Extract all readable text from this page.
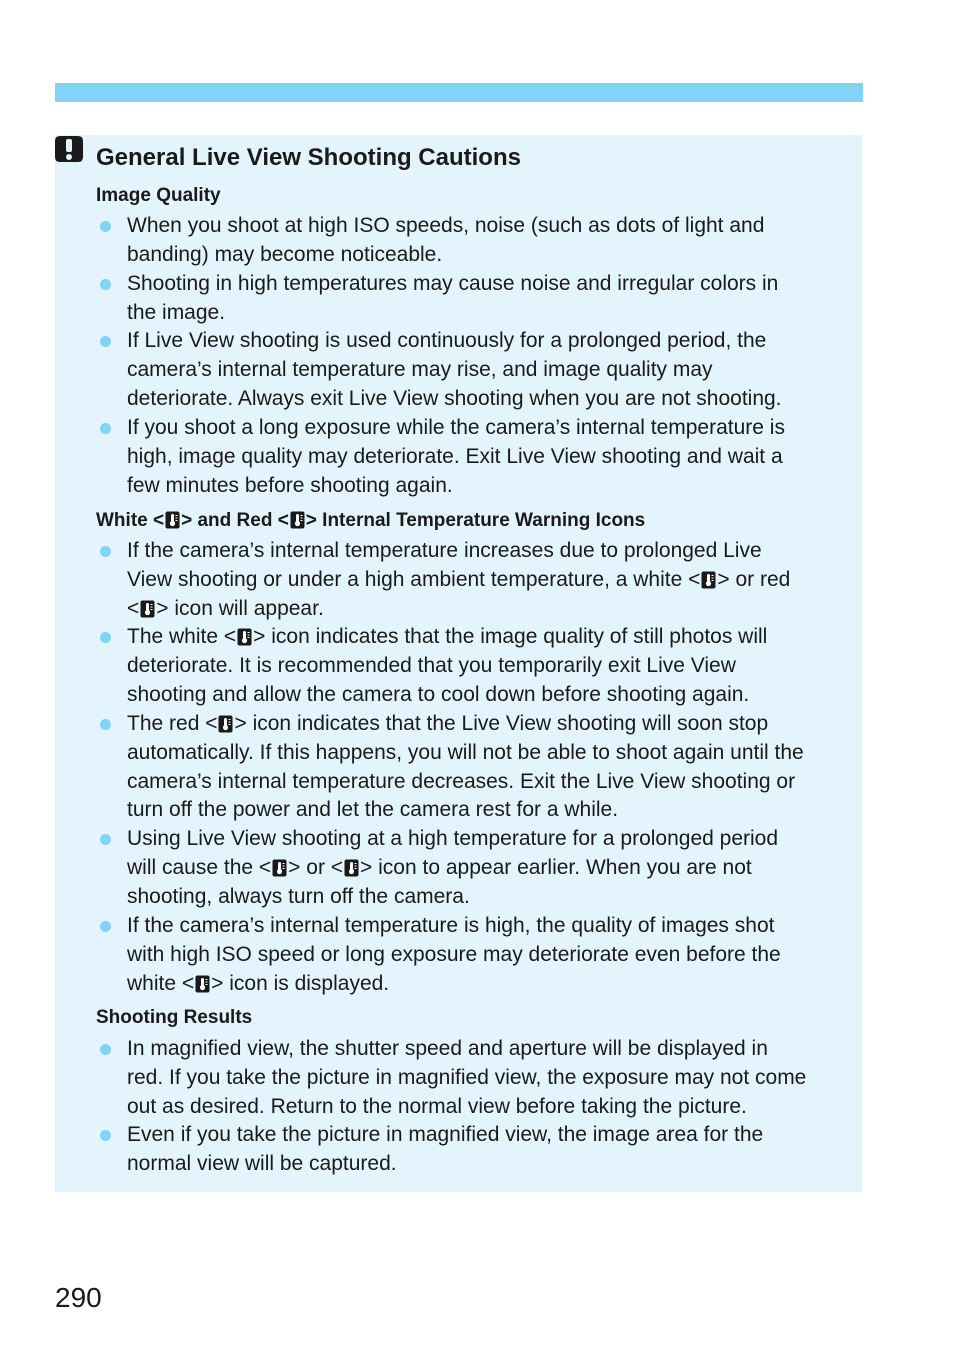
General Live View Shooting Cautions
Image Quality
When you shoot at high ISO speeds, noise (such as dots of light and
banding) may become noticeable.
Shooting in high temperatures may cause noise and irregular colors in
the image.
If Live View shooting is used continuously for a prolonged period, the
camera’s internal temperature may rise, and image quality may
deteriorate. Always exit Live View shooting when you are not shooting.
If you shoot a long exposure while the camera’s internal temperature is
high, image quality may deteriorate. Exit Live View shooting and wait a
few minutes before shooting again.
White < > and Red < > Internal Temperature Warning Icons
If the camera’s internal temperature increases due to prolonged Live
View shooting or under a high ambient temperature, a white < > or red
< > icon will appear.
The white < > icon indicates that the image quality of still photos will
deteriorate. It is recommended that you temporarily exit Live View
shooting and allow the camera to cool down before shooting again.
The red < > icon indicates that the Live View shooting will soon stop
automatically. If this happens, you will not be able to shoot again until the
camera’s internal temperature decreases. Exit the Live View shooting or
turn off the power and let the camera rest for a while.
Using Live View shooting at a high temperature for a prolonged period
will cause the < > or < > icon to appear earlier. When you are not
shooting, always turn off the camera.
If the camera’s internal temperature is high, the quality of images shot
with high ISO speed or long exposure may deteriorate even before the
white < > icon is displayed.
Shooting Results
In magnified view, the shutter speed and aperture will be displayed in
red. If you take the picture in magnified view, the exposure may not come
out as desired. Return to the normal view before taking the picture.
Even if you take the picture in magnified view, the image area for the
normal view will be captured.
290
